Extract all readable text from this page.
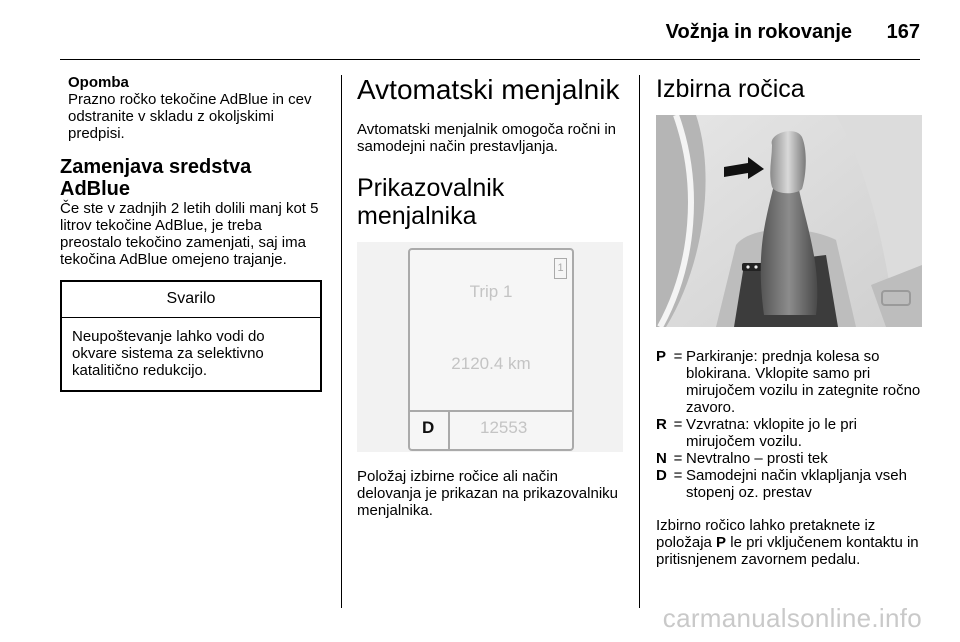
Vožnja in rokovanje 167
Opomba
Prazno ročko tekočine AdBlue in cev odstranite v skladu z okoljskimi predpisi.
Zamenjava sredstva AdBlue

Če ste v zadnjih 2 letih dolili manj kot 5 litrov tekočine AdBlue, je treba preostalo tekočino zamenjati, saj ima tekočina AdBlue omejeno trajanje.

Svarilo
Neupoštevanje lahko vodi do okvare sistema za selektivno katalitično redukcijo.
Avtomatski menjalnik

Avtomatski menjalnik omogoča ročni in samodejni način prestavljanja.

Prikazovalnik menjalnika
1
Trip 1
2120.4 km
D	12553

Položaj izbirne ročice ali način delovanja je prikazan na prikazovalniku menjalnika.

Izbirna ročica
P = Parkiranje: prednja kolesa so blokirana. Vklopite samo pri mirujočem vozilu in zategnite ročno zavoro.
R = Vzvratna: vklopite jo le pri mirujočem vozilu.
N = Nevtralno – prosti tek
D = Samodejni način vklapljanja vseh stopenj oz. prestav

Izbirno ročico lahko pretaknete iz položaja P le pri vključenem kontaktu in pritisnjenem zavornem pedalu.

carmanualsonline.info
